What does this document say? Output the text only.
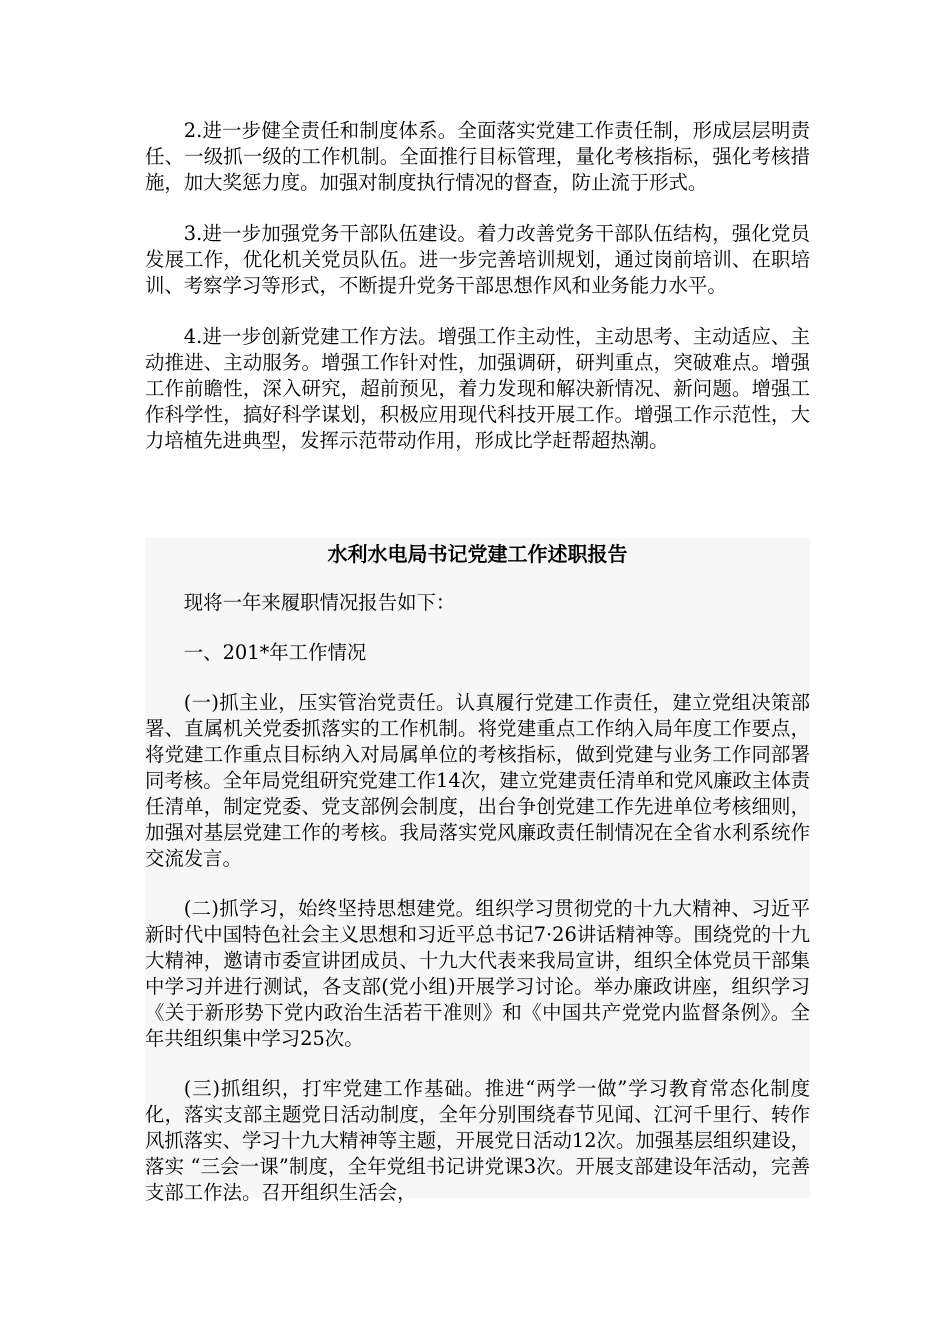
2.进一步健全责任和制度体系。全面落实党建工作责任制，形成层层明责任、一级抓一级的工作机制。全面推行目标管理，量化考核指标，强化考核措施，加大奖惩力度。加强对制度执行情况的督查，防止流于形式。

3.进一步加强党务干部队伍建设。着力改善党务干部队伍结构，强化党员发展工作，优化机关党员队伍。进一步完善培训规划，通过岗前培训、在职培训、考察学习等形式，不断提升党务干部思想作风和业务能力水平。

4.进一步创新党建工作方法。增强工作主动性，主动思考、主动适应、主动推进、主动服务。增强工作针对性，加强调研，研判重点，突破难点。增强工作前瞻性，深入研究，超前预见，着力发现和解决新情况、新问题。增强工作科学性，搞好科学谋划，积极应用现代科技开展工作。增强工作示范性，大力培植先进典型，发挥示范带动作用，形成比学赶帮超热潮。

水利水电局书记党建工作述职报告

现将一年来履职情况报告如下：

一、201*年工作情况

(一)抓主业，压实管治党责任。认真履行党建工作责任，建立党组决策部署、直属机关党委抓落实的工作机制。将党建重点工作纳入局年度工作要点，将党建工作重点目标纳入对局属单位的考核指标，做到党建与业务工作同部署同考核。全年局党组研究党建工作14次，建立党建责任清单和党风廉政主体责任清单，制定党委、党支部例会制度，出台争创党建工作先进单位考核细则，加强对基层党建工作的考核。我局落实党风廉政责任制情况在全省水利系统作交流发言。

(二)抓学习，始终坚持思想建党。组织学习贯彻党的十九大精神、习近平新时代中国特色社会主义思想和习近平总书记7·26讲话精神等。围绕党的十九大精神，邀请市委宣讲团成员、十九大代表来我局宣讲，组织全体党员干部集中学习并进行测试，各支部(党小组)开展学习讨论。举办廉政讲座，组织学习《关于新形势下党内政治生活若干准则》和《中国共产党党内监督条例》。全年共组织集中学习25次。

(三)抓组织，打牢党建工作基础。推进“两学一做”学习教育常态化制度化，落实支部主题党日活动制度，全年分别围绕春节见闻、江河千里行、转作风抓落实、学习十九大精神等主题，开展党日活动12次。加强基层组织建设，落实 “三会一课”制度，全年党组书记讲党课3次。开展支部建设年活动，完善支部工作法。召开组织生活会，
